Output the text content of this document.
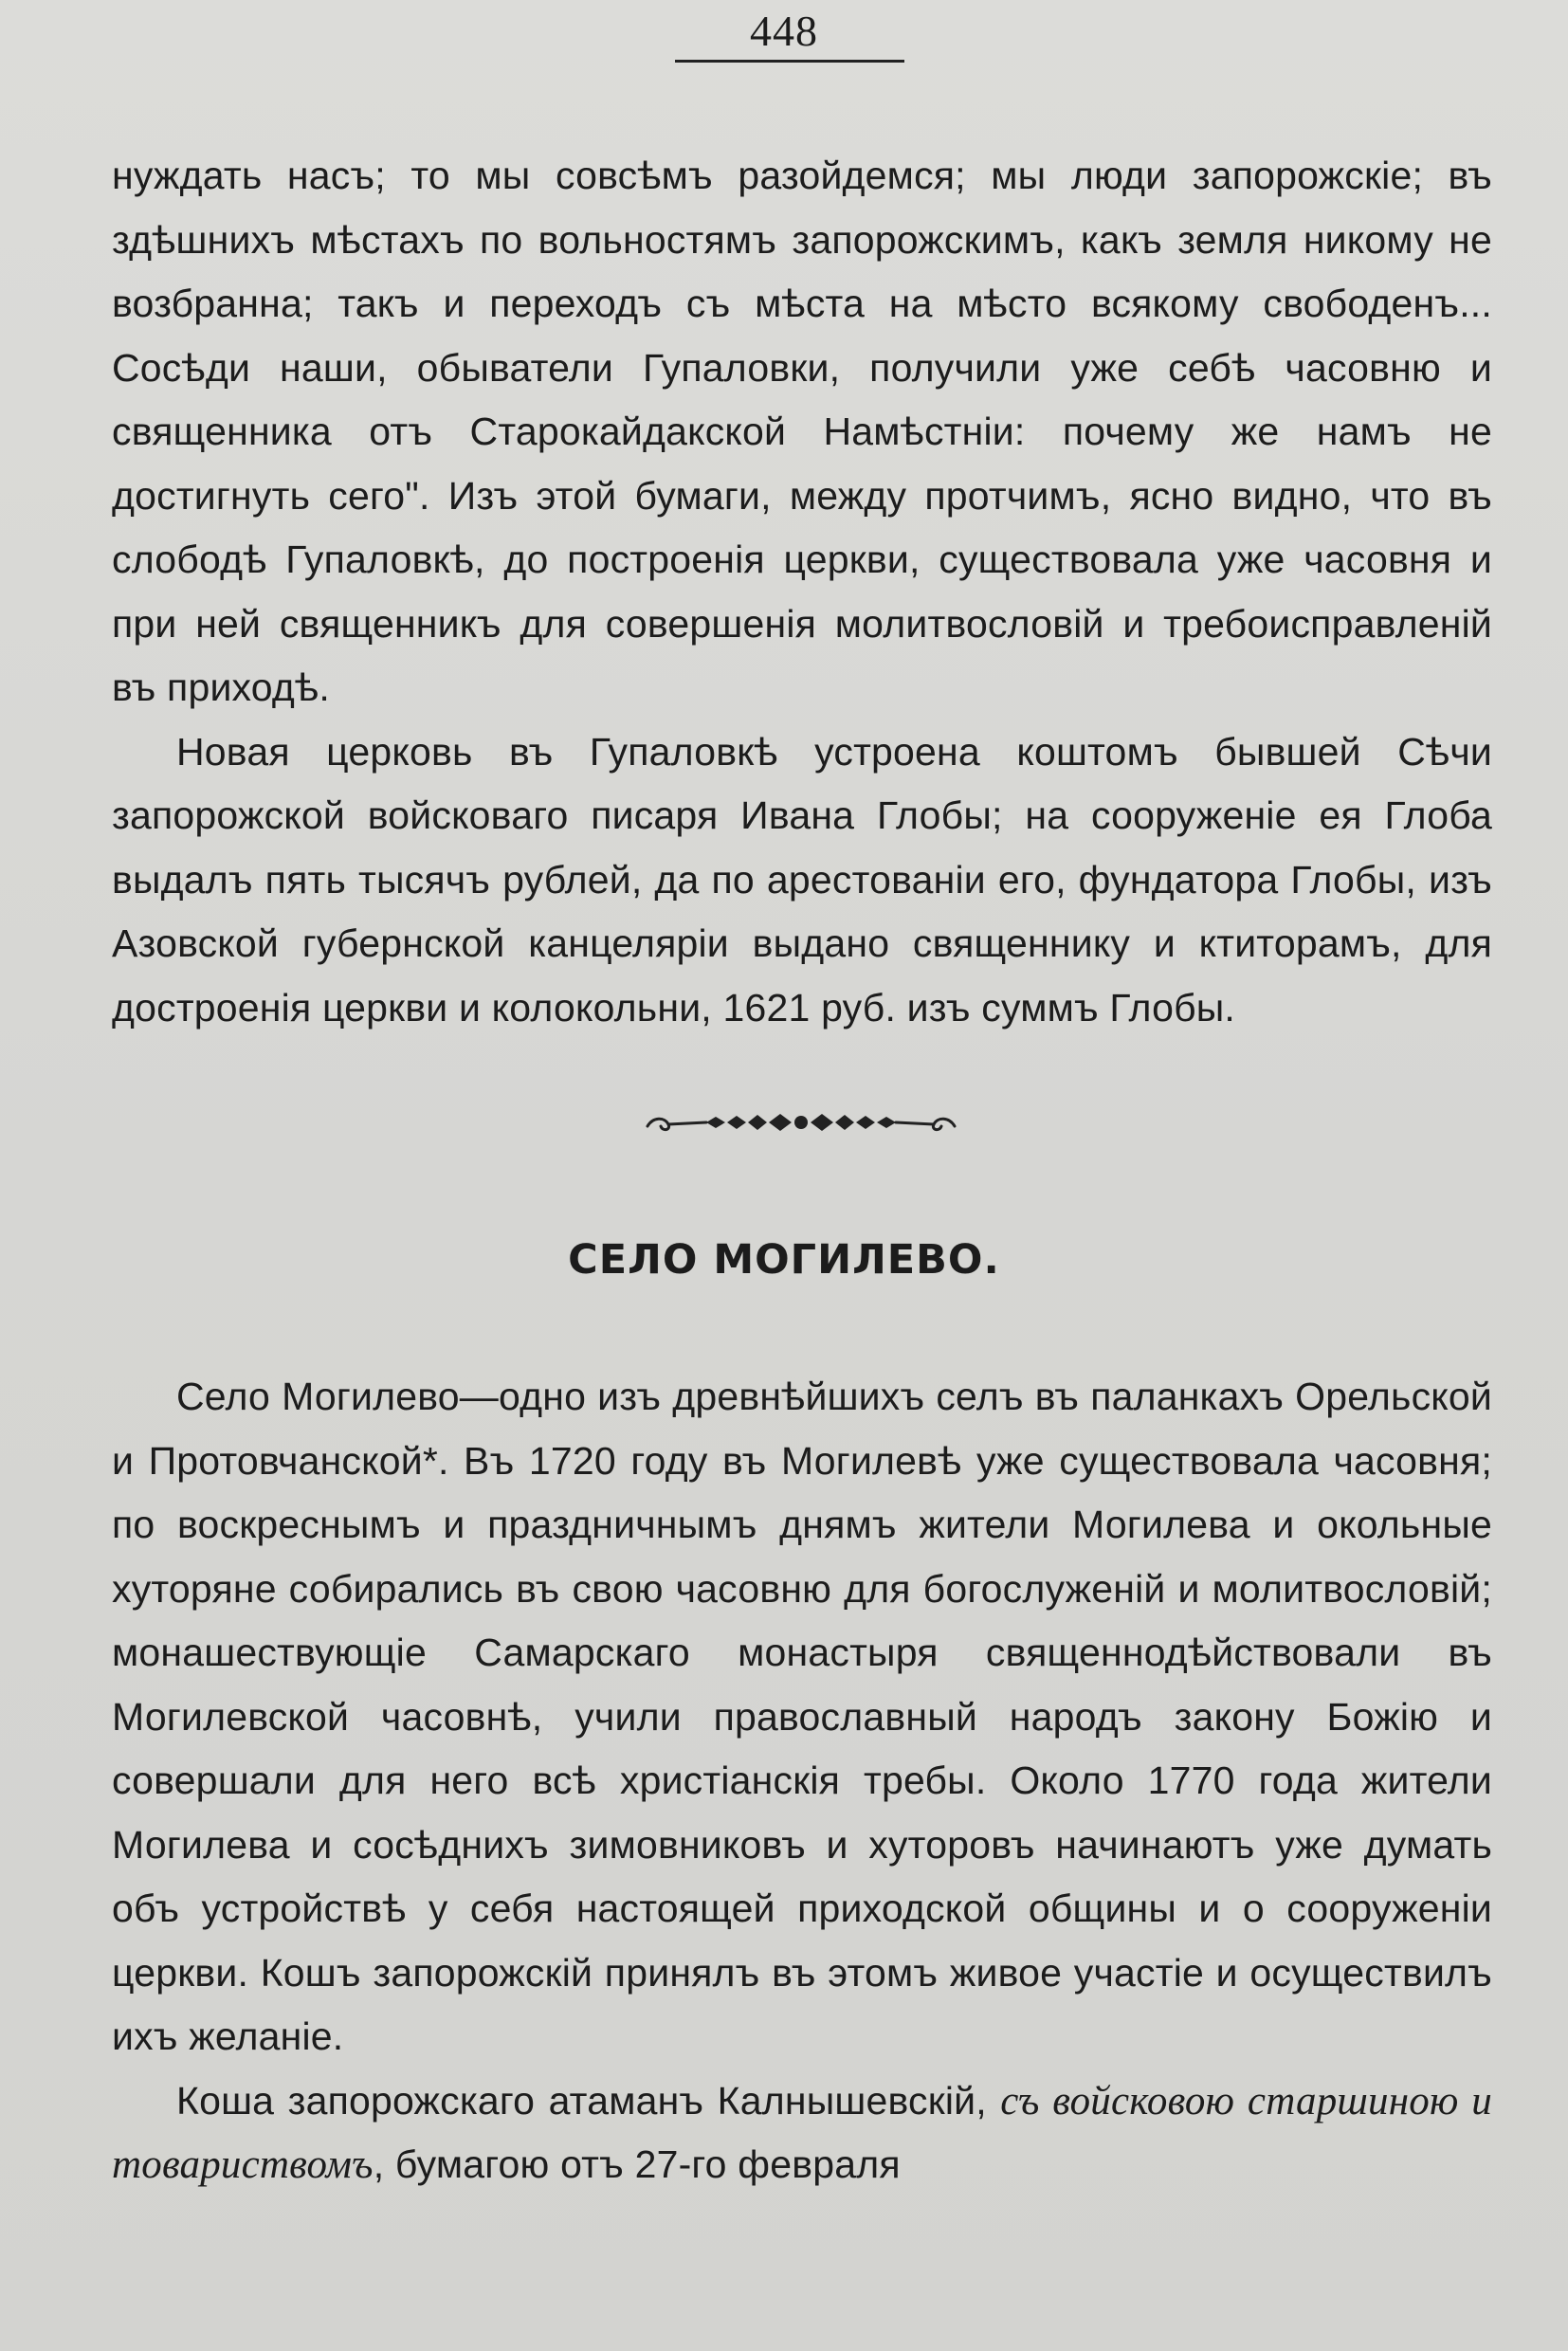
448

нуждать насъ; то мы совсѣмъ разойдемся; мы люди запорожскіе; въ здѣшнихъ мѣстахъ по вольностямъ запорожскимъ, какъ земля никому не возбранна; такъ и переходъ съ мѣста на мѣсто всякому свободенъ... Сосѣди наши, обыватели Гупаловки, получили уже себѣ часовню и священника отъ Старокайдакской Намѣстніи: почему же намъ не достигнуть сего". Изъ этой бумаги, между протчимъ, ясно видно, что въ слободѣ Гупаловкѣ, до построенія церкви, существовала уже часовня и при ней священникъ для совершенія молитвословій и требоисправленій въ приходѣ.

Новая церковь въ Гупаловкѣ устроена коштомъ бывшей Сѣчи запорожской войсковаго писаря Ивана Глобы; на сооруженіе ея Глоба выдалъ пять тысячъ рублей, да по арестованіи его, фундатора Глобы, изъ Азовской губернской канцеляріи выдано священнику и ктиторамъ, для достроенія церкви и колокольни, 1621 руб. изъ суммъ Глобы.

СЕЛО МОГИЛЕВО.

Село Могилево—одно изъ древнѣйшихъ селъ въ паланкахъ Орельской и Протовчанской*. Въ 1720 году въ Могилевѣ уже существовала часовня; по воскреснымъ и праздничнымъ днямъ жители Могилева и окольные хуторяне собирались въ свою часовню для богослуженій и молитвословій; монашествующіе Самарскаго монастыря священнодѣйствовали въ Могилевской часовнѣ, учили православный народъ закону Божію и совершали для него всѣ христіанскія требы. Около 1770 года жители Могилева и сосѣднихъ зимовниковъ и хуторовъ начинаютъ уже думать объ устройствѣ у себя настоящей приходской общины и о сооруженіи церкви. Кошъ запорожскій принялъ въ этомъ живое участіе и осуществилъ ихъ желаніе.

Коша запорожскаго атаманъ Калнышевскій, съ войсковою старшиною и товариствомъ, бумагою отъ 27-го февраля
